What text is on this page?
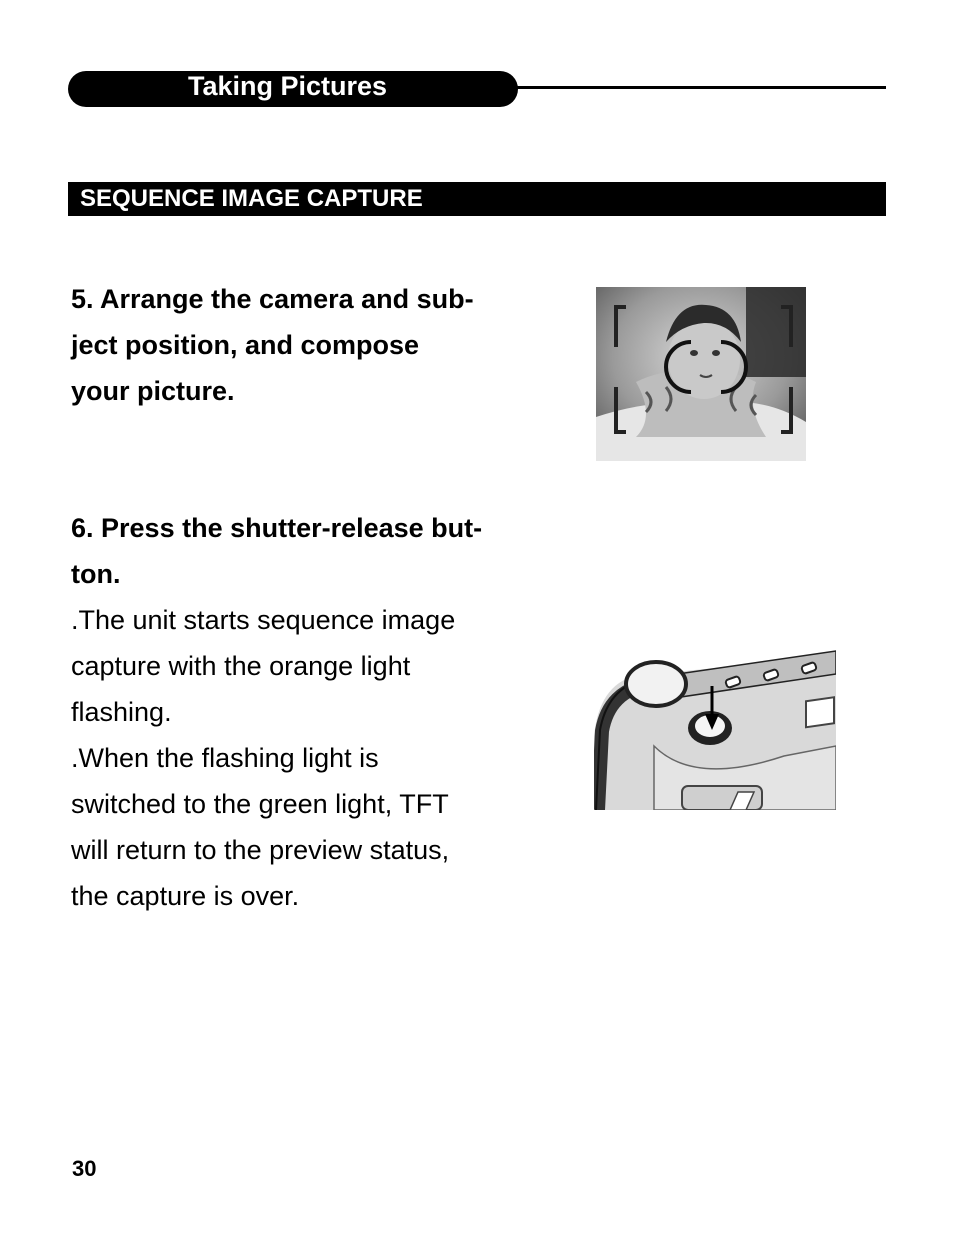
Taking Pictures
SEQUENCE IMAGE CAPTURE
5. Arrange the camera and sub-
ject position, and compose
your picture.
6. Press the shutter-release but-
ton.
.The unit starts sequence image
capture with the orange light
flashing.
.When the flashing light is
switched to the green light, TFT
will return to the preview status,
the capture is over.
30
